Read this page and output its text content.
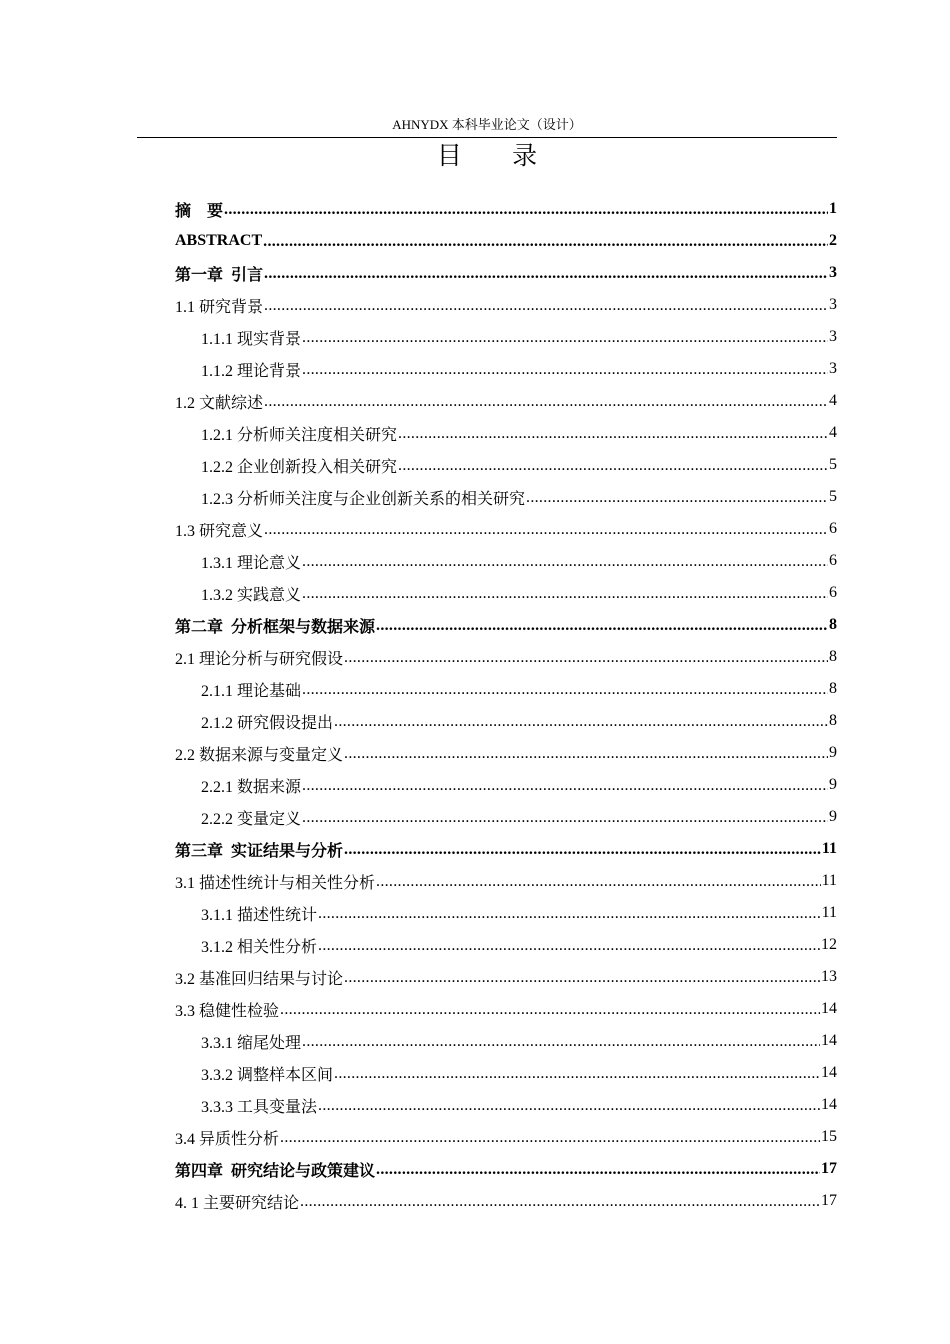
AHNYDX 本科毕业论文（设计）
目 录
摘　要 .....	1
ABSTRACT .....	2
第一章  引言 .....	3
1.1 研究背景 .....	3
1.1.1 现实背景 .....	3
1.1.2 理论背景 .....	3
1.2 文献综述 .....	4
1.2.1 分析师关注度相关研究 .....	4
1.2.2 企业创新投入相关研究 .....	5
1.2.3 分析师关注度与企业创新关系的相关研究 .....	5
1.3 研究意义 .....	6
1.3.1 理论意义 .....	6
1.3.2 实践意义 .....	6
第二章  分析框架与数据来源 .....	8
2.1 理论分析与研究假设 .....	8
2.1.1 理论基础 .....	8
2.1.2 研究假设提出 .....	8
2.2 数据来源与变量定义 .....	9
2.2.1 数据来源 .....	9
2.2.2 变量定义 .....	9
第三章  实证结果与分析 .....	11
3.1 描述性统计与相关性分析 .....	11
3.1.1 描述性统计 .....	11
3.1.2 相关性分析 .....	12
3.2 基准回归结果与讨论 .....	13
3.3 稳健性检验 .....	14
3.3.1 缩尾处理 .....	14
3.3.2 调整样本区间 .....	14
3.3.3 工具变量法 .....	14
3.4 异质性分析 .....	15
第四章  研究结论与政策建议 .....	17
4. 1 主要研究结论 .....	17
